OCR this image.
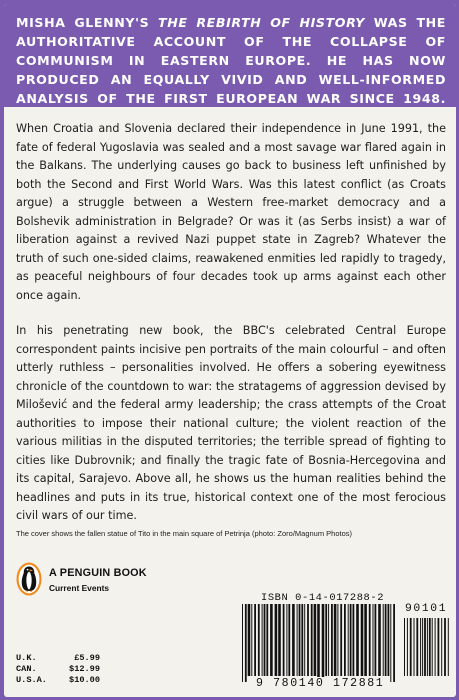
MISHA GLENNY'S THE REBIRTH OF HISTORY WAS THE AUTHORITATIVE ACCOUNT OF THE COLLAPSE OF COMMUNISM IN EASTERN EUROPE. HE HAS NOW PRODUCED AN EQUALLY VIVID AND WELL-INFORMED ANALYSIS OF THE FIRST EUROPEAN WAR SINCE 1948.

When Croatia and Slovenia declared their independence in June 1991, the fate of federal Yugoslavia was sealed and a most savage war flared again in the Balkans. The underlying causes go back to business left unfinished by both the Second and First World Wars. Was this latest conflict (as Croats argue) a struggle between a Western free-market democracy and a Bolshevik administration in Belgrade? Or was it (as Serbs insist) a war of liberation against a revived Nazi puppet state in Zagreb? Whatever the truth of such one-sided claims, reawakened enmities led rapidly to tragedy, as peaceful neighbours of four decades took up arms against each other once again.

In his penetrating new book, the BBC's celebrated Central Europe correspondent paints incisive pen portraits of the main colourful – and often utterly ruthless – personalities involved. He offers a sobering eyewitness chronicle of the countdown to war: the stratagems of aggression devised by Milošević and the federal army leadership; the crass attempts of the Croat authorities to impose their national culture; the violent reaction of the various militias in the disputed territories; the terrible spread of fighting to cities like Dubrovnik; and finally the tragic fate of Bosnia-Hercegovina and its capital, Sarajevo. Above all, he shows us the human realities behind the headlines and puts in its true, historical context one of the most ferocious civil wars of our time.

The cover shows the fallen statue of Tito in the main square of Petrinja (photo: Zoro/Magnum Photos)
A PENGUIN BOOK
Current Events
U.K.	£5.99
CAN.	$12.99
U.S.A.	$10.00
ISBN 0-14-017288-2
9 780140 172881
90101
